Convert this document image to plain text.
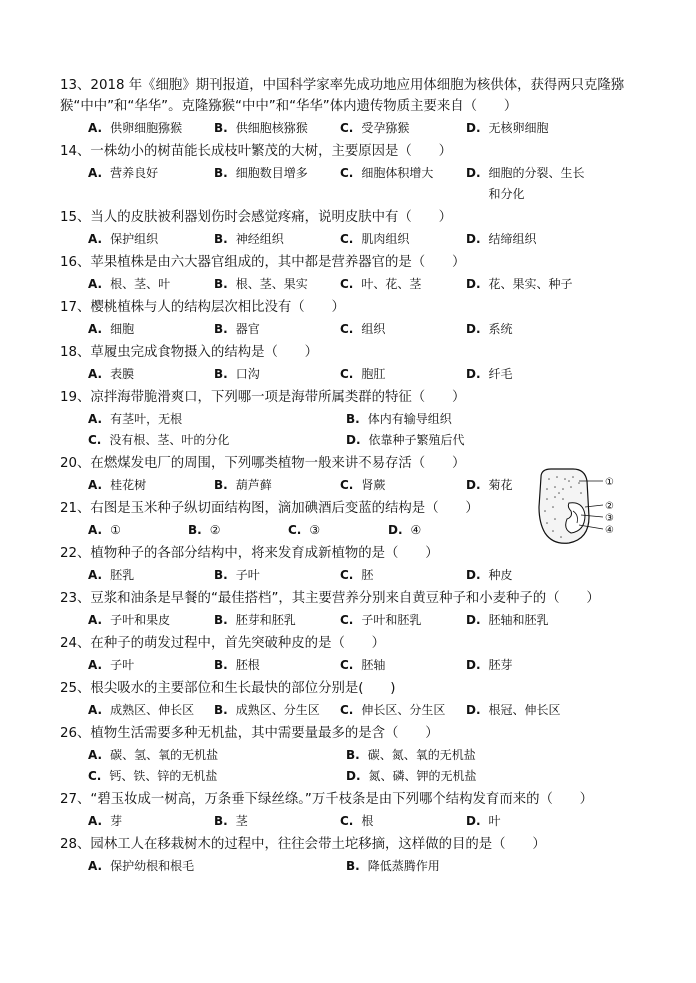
13、2018 年《细胞》期刊报道，中国科学家率先成功地应用体细胞为核供体，获得两只克隆猕猴“中中”和“华华”。克隆猕猴“中中”和“华华”体内遗传物质主要来自（　　）

A. 供卵细胞猕猴	B. 供细胞核猕猴	C. 受孕猕猴	D. 无核卵细胞

14、一株幼小的树苗能长成枝叶繁茂的大树，主要原因是（　　）

A. 营养良好	B. 细胞数目增多	C. 细胞体积增大	D. 细胞的分裂、生长和分化

15、当人的皮肤被利器划伤时会感觉疼痛，说明皮肤中有（　　）

A. 保护组织	B. 神经组织	C. 肌肉组织	D. 结缔组织

16、苹果植株是由六大器官组成的，其中都是营养器官的是（　　）

A. 根、茎、叶	B. 根、茎、果实	C. 叶、花、茎	D. 花、果实、种子

17、樱桃植株与人的结构层次相比没有（　　）

A. 细胞	B. 器官	C. 组织	D. 系统

18、草履虫完成食物摄入的结构是（　　）

A. 表膜	B. 口沟	C. 胞肛	D. 纤毛

19、凉拌海带脆滑爽口，下列哪一项是海带所属类群的特征（　　）

A. 有茎叶，无根	B. 体内有输导组织
C. 没有根、茎、叶的分化	D. 依靠种子繁殖后代

20、在燃煤发电厂的周围，下列哪类植物一般来讲不易存活（　　）

A. 桂花树	B. 葫芦藓	C. 肾蕨	D. 菊花

21、右图是玉米种子纵切面结构图，滴加碘酒后变蓝的结构是（　　）

A. ①	B. ②	C. ③	D. ④

22、植物种子的各部分结构中，将来发育成新植物的是（　　）

A. 胚乳	B. 子叶	C. 胚	D. 种皮

23、豆浆和油条是早餐的“最佳搭档”，其主要营养分别来自黄豆种子和小麦种子的（　　）

A. 子叶和果皮	B. 胚芽和胚乳	C. 子叶和胚乳	D. 胚轴和胚乳

24、在种子的萌发过程中，首先突破种皮的是（　　）

A. 子叶	B. 胚根	C. 胚轴	D. 胚芽

25、根尖吸水的主要部位和生长最快的部位分别是(　　)

A. 成熟区、伸长区 B. 成熟区、分生区 C. 伸长区、分生区 D. 根冠、伸长区

26、植物生活需要多种无机盐，其中需要量最多的是含（　　）

A. 碳、氢、氧的无机盐	B. 碳、氮、氧的无机盐
C. 钙、铁、锌的无机盐	D. 氮、磷、钾的无机盐

27、“碧玉妆成一树高，万条垂下绿丝绦。”万千枝条是由下列哪个结构发育而来的（　　）

A. 芽	B. 茎	C. 根	D. 叶

28、园林工人在移栽树木的过程中，往往会带土坨移摘，这样做的目的是（　　）

A. 保护幼根和根毛	B. 降低蒸腾作用
①
②
③
④
